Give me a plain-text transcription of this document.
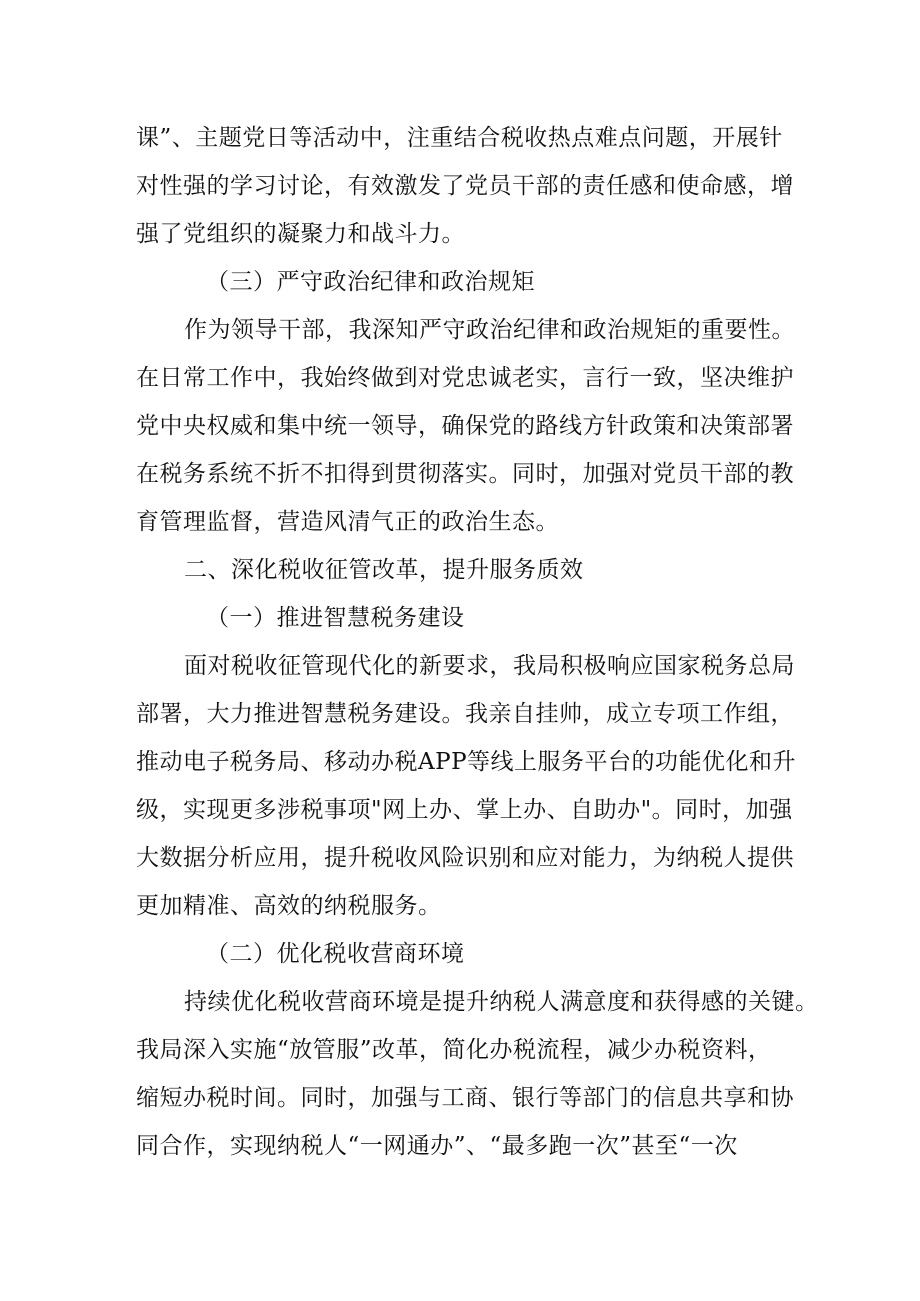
课”、主题党日等活动中，注重结合税收热点难点问题，开展针

对性强的学习讨论，有效激发了党员干部的责任感和使命感，增

强了党组织的凝聚力和战斗力。

（三）严守政治纪律和政治规矩

作为领导干部，我深知严守政治纪律和政治规矩的重要性。

在日常工作中，我始终做到对党忠诚老实，言行一致，坚决维护

党中央权威和集中统一领导，确保党的路线方针政策和决策部署

在税务系统不折不扣得到贯彻落实。同时，加强对党员干部的教

育管理监督，营造风清气正的政治生态。

二、深化税收征管改革，提升服务质效

（一）推进智慧税务建设

面对税收征管现代化的新要求，我局积极响应国家税务总局

部署，大力推进智慧税务建设。我亲自挂帅，成立专项工作组，

推动电子税务局、移动办税APP等线上服务平台的功能优化和升

级，实现更多涉税事项"网上办、掌上办、自助办"。同时，加强

大数据分析应用，提升税收风险识别和应对能力，为纳税人提供

更加精准、高效的纳税服务。

（二）优化税收营商环境

持续优化税收营商环境是提升纳税人满意度和获得感的关键。

我局深入实施“放管服”改革，简化办税流程，减少办税资料，

缩短办税时间。同时，加强与工商、银行等部门的信息共享和协

同合作，实现纳税人“一网通办”、“最多跑一次”甚至“一次
